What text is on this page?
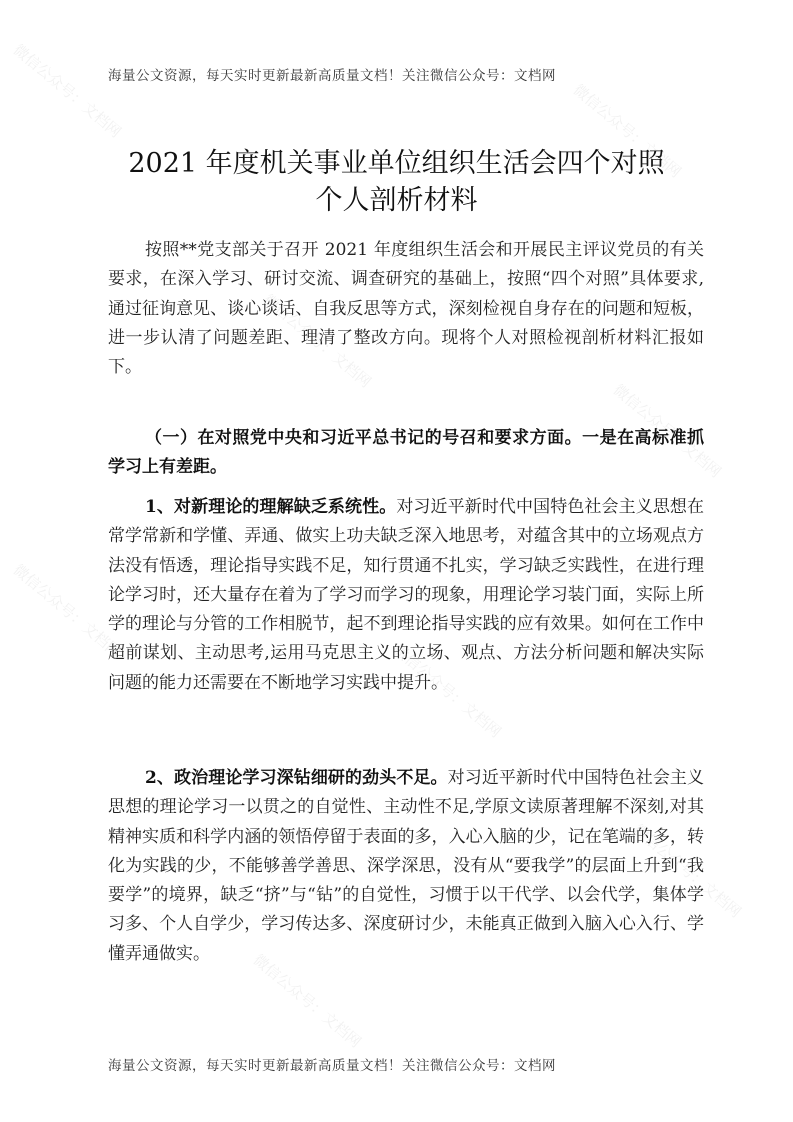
海量公文资源，每天实时更新最新高质量文档！关注微信公众号：文档网
2021 年度机关事业单位组织生活会四个对照
个人剖析材料
按照**党支部关于召开 2021 年度组织生活会和开展民主评议党员的有关要求，在深入学习、研讨交流、调查研究的基础上，按照“四个对照”具体要求,通过征询意见、谈心谈话、自我反思等方式，深刻检视自身存在的问题和短板，进一步认清了问题差距、理清了整改方向。现将个人对照检视剖析材料汇报如下。
（一）在对照党中央和习近平总书记的号召和要求方面。一是在高标准抓学习上有差距。
1、对新理论的理解缺乏系统性。对习近平新时代中国特色社会主义思想在常学常新和学懂、弄通、做实上功夫缺乏深入地思考，对蕴含其中的立场观点方法没有悟透，理论指导实践不足，知行贯通不扎实，学习缺乏实践性，在进行理论学习时，还大量存在着为了学习而学习的现象，用理论学习装门面，实际上所学的理论与分管的工作相脱节，起不到理论指导实践的应有效果。如何在工作中超前谋划、主动思考,运用马克思主义的立场、观点、方法分析问题和解决实际问题的能力还需要在不断地学习实践中提升。
2、政治理论学习深钻细研的劲头不足。对习近平新时代中国特色社会主义思想的理论学习一以贯之的自觉性、主动性不足,学原文读原著理解不深刻,对其精神实质和科学内涵的领悟停留于表面的多，入心入脑的少，记在笔端的多，转化为实践的少，不能够善学善思、深学深思，没有从“要我学”的层面上升到“我要学”的境界，缺乏“挤”与“钻”的自觉性，习惯于以干代学、以会代学，集体学习多、个人自学少，学习传达多、深度研讨少，未能真正做到入脑入心入行、学懂弄通做实。
海量公文资源，每天实时更新最新高质量文档！关注微信公众号：文档网
微信公众号：文档网	微信公众号：文档网
微信公众号：文档网
微信公众号：文档网
微信公众号：文档网
微信公众号：文档网
微信公众号：文档网
微信公众号：文档网
